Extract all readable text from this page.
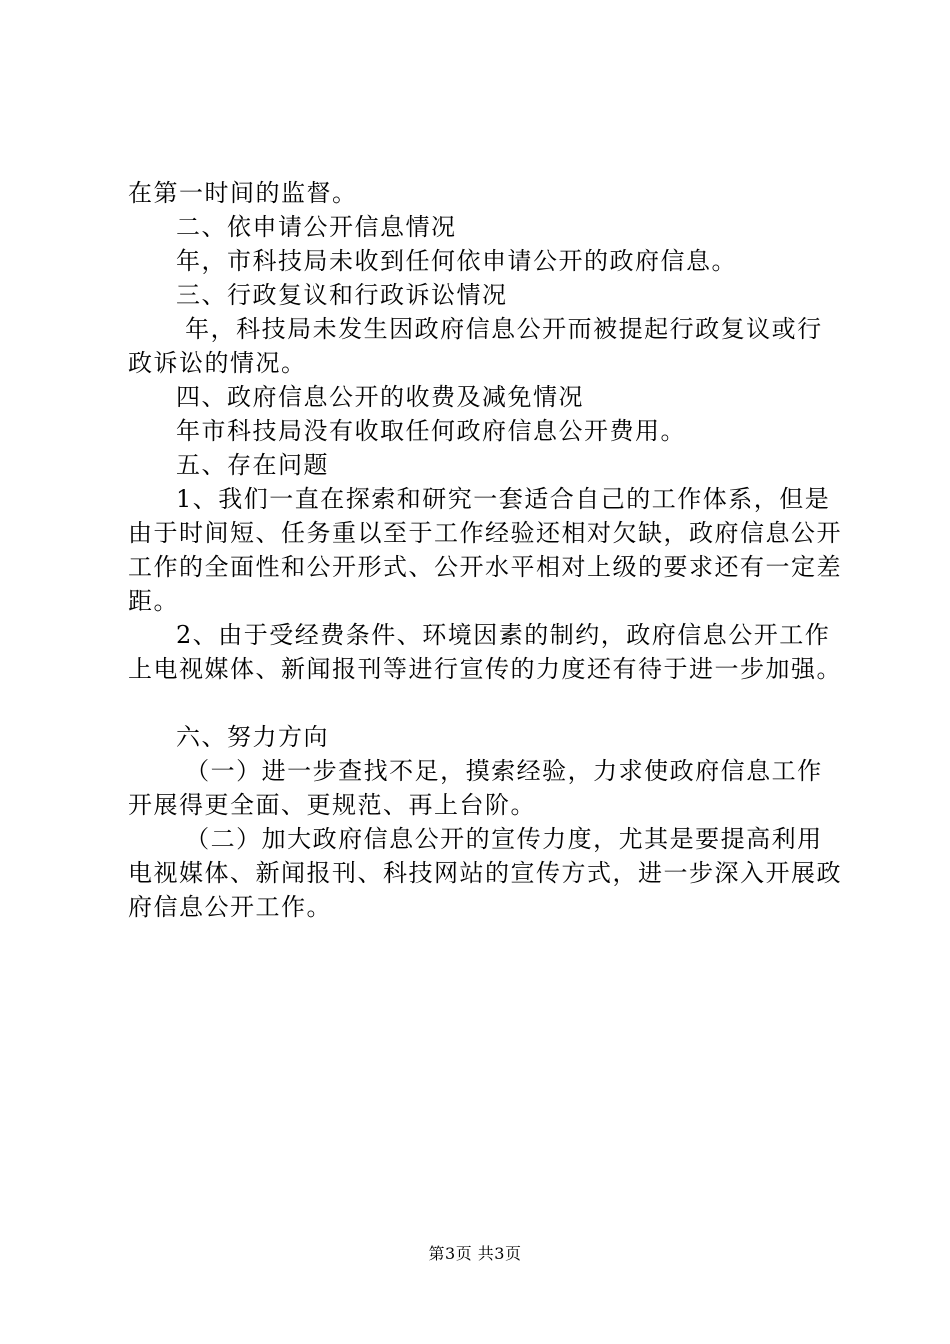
在第一时间的监督。

二、依申请公开信息情况

年，市科技局未收到任何依申请公开的政府信息。

三、行政复议和行政诉讼情况

年，科技局未发生因政府信息公开而被提起行政复议或行政诉讼的情况。

四、政府信息公开的收费及减免情况

年市科技局没有收取任何政府信息公开费用。

五、存在问题

1、我们一直在探索和研究一套适合自己的工作体系，但是由于时间短、任务重以至于工作经验还相对欠缺，政府信息公开工作的全面性和公开形式、公开水平相对上级的要求还有一定差距。

2、由于受经费条件、环境因素的制约，政府信息公开工作上电视媒体、新闻报刊等进行宣传的力度还有待于进一步加强。

六、努力方向

（一）进一步查找不足，摸索经验，力求使政府信息工作开展得更全面、更规范、再上台阶。

（二）加大政府信息公开的宣传力度，尤其是要提高利用电视媒体、新闻报刊、科技网站的宣传方式，进一步深入开展政府信息公开工作。

第3页 共3页
